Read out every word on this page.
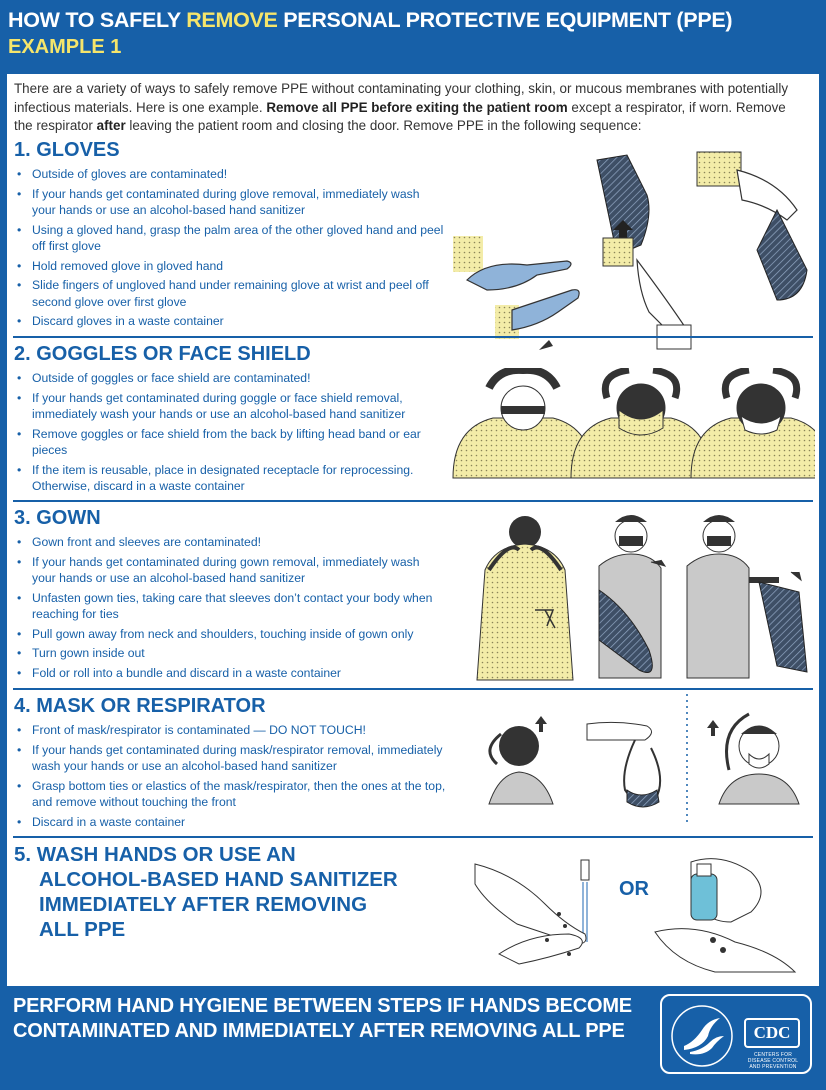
HOW TO SAFELY REMOVE PERSONAL PROTECTIVE EQUIPMENT (PPE)
EXAMPLE 1
There are a variety of ways to safely remove PPE without contaminating your clothing, skin, or mucous membranes with potentially infectious materials. Here is one example. Remove all PPE before exiting the patient room except a respirator, if worn. Remove the respirator after leaving the patient room and closing the door. Remove PPE in the following sequence:
1. GLOVES
• Outside of gloves are contaminated!
• If your hands get contaminated during glove removal, immediately wash your hands or use an alcohol-based hand sanitizer
• Using a gloved hand, grasp the palm area of the other gloved hand and peel off first glove
• Hold removed glove in gloved hand
• Slide fingers of ungloved hand under remaining glove at wrist and peel off second glove over first glove
• Discard gloves in a waste container
2. GOGGLES OR FACE SHIELD
• Outside of goggles or face shield are contaminated!
• If your hands get contaminated during goggle or face shield removal, immediately wash your hands or use an alcohol-based hand sanitizer
• Remove goggles or face shield from the back by lifting head band or ear pieces
• If the item is reusable, place in designated receptacle for reprocessing. Otherwise, discard in a waste container
3. GOWN
• Gown front and sleeves are contaminated!
• If your hands get contaminated during gown removal, immediately wash your hands or use an alcohol-based hand sanitizer
• Unfasten gown ties, taking care that sleeves don’t contact your body when reaching for ties
• Pull gown away from neck and shoulders, touching inside of gown only
• Turn gown inside out
• Fold or roll into a bundle and discard in a waste container
4. MASK OR RESPIRATOR
• Front of mask/respirator is contaminated — DO NOT TOUCH!
• If your hands get contaminated during mask/respirator removal, immediately wash your hands or use an alcohol-based hand sanitizer
• Grasp bottom ties or elastics of the mask/respirator, then the ones at the top, and remove without touching the front
• Discard in a waste container
5. WASH HANDS OR USE AN
ALCOHOL-BASED HAND SANITIZER
IMMEDIATELY AFTER REMOVING
ALL PPE
OR
PERFORM HAND HYGIENE BETWEEN STEPS IF HANDS BECOME CONTAMINATED AND IMMEDIATELY AFTER REMOVING ALL PPE	CDC
CENTERS FOR DISEASE CONTROL AND PREVENTION
